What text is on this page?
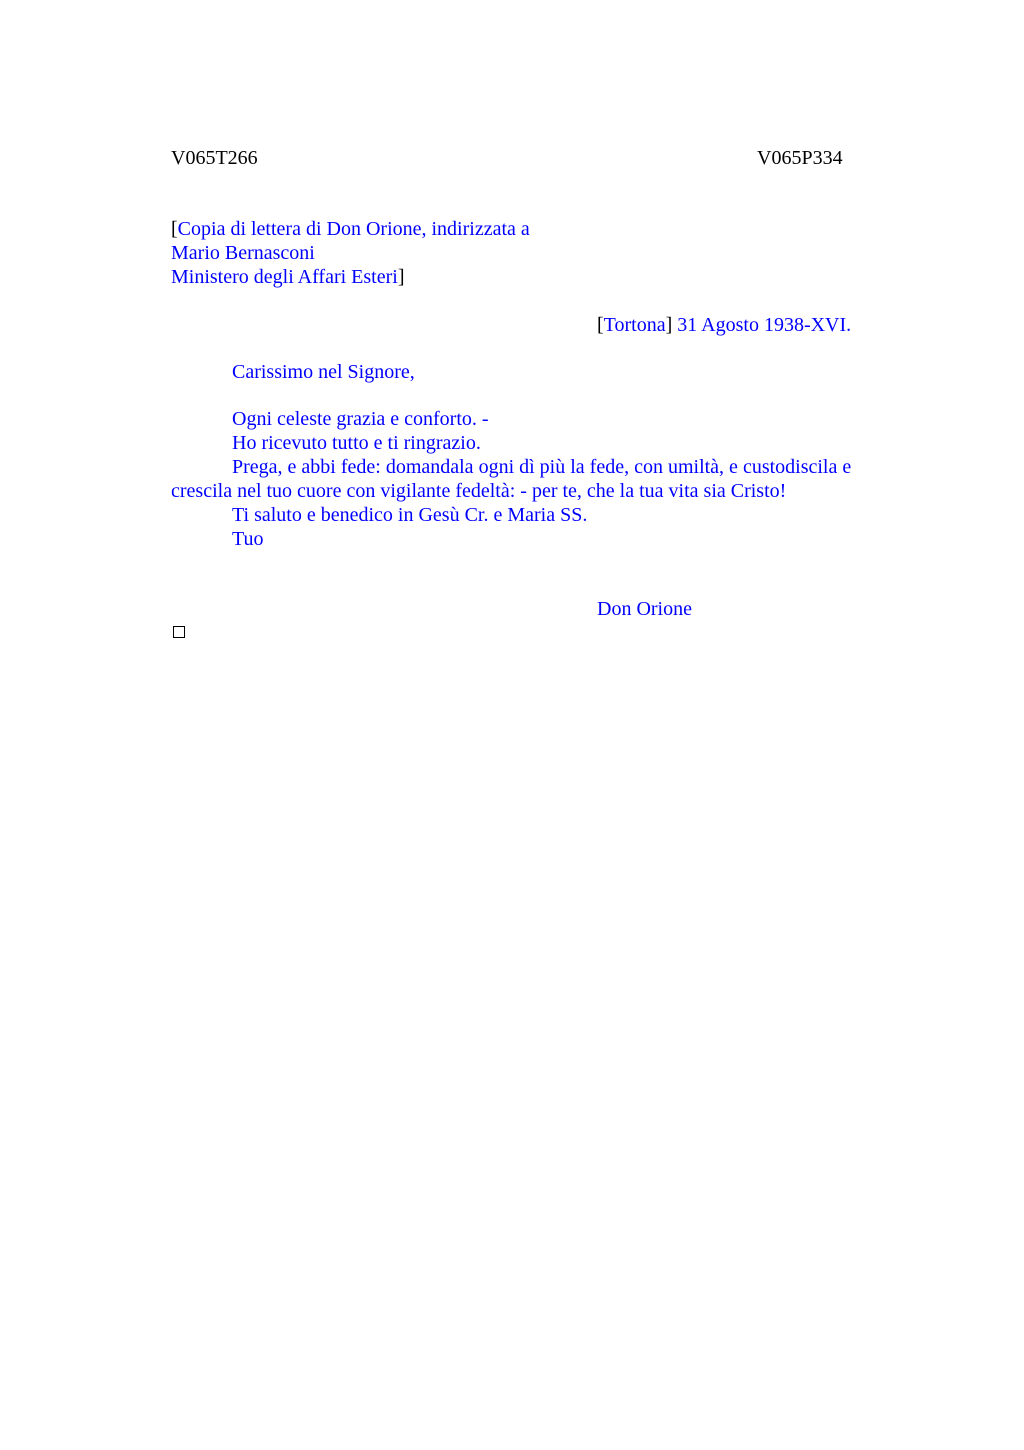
V065T266	V065P334
[Copia di lettera di Don Orione, indirizzata a
Mario Bernasconi
Ministero degli Affari Esteri]
[Tortona] 31 Agosto 1938-XVI.
Carissimo nel Signore,

Ogni celeste grazia e conforto. -

Ho ricevuto tutto e ti ringrazio.

Prega, e abbi fede: domandala ogni dì più la fede, con umiltà, e custodiscila e crescila nel tuo cuore con vigilante fedeltà: - per te, che la tua vita sia Cristo!

Ti saluto e benedico in Gesù Cr. e Maria SS.

Tuo

Don Orione
